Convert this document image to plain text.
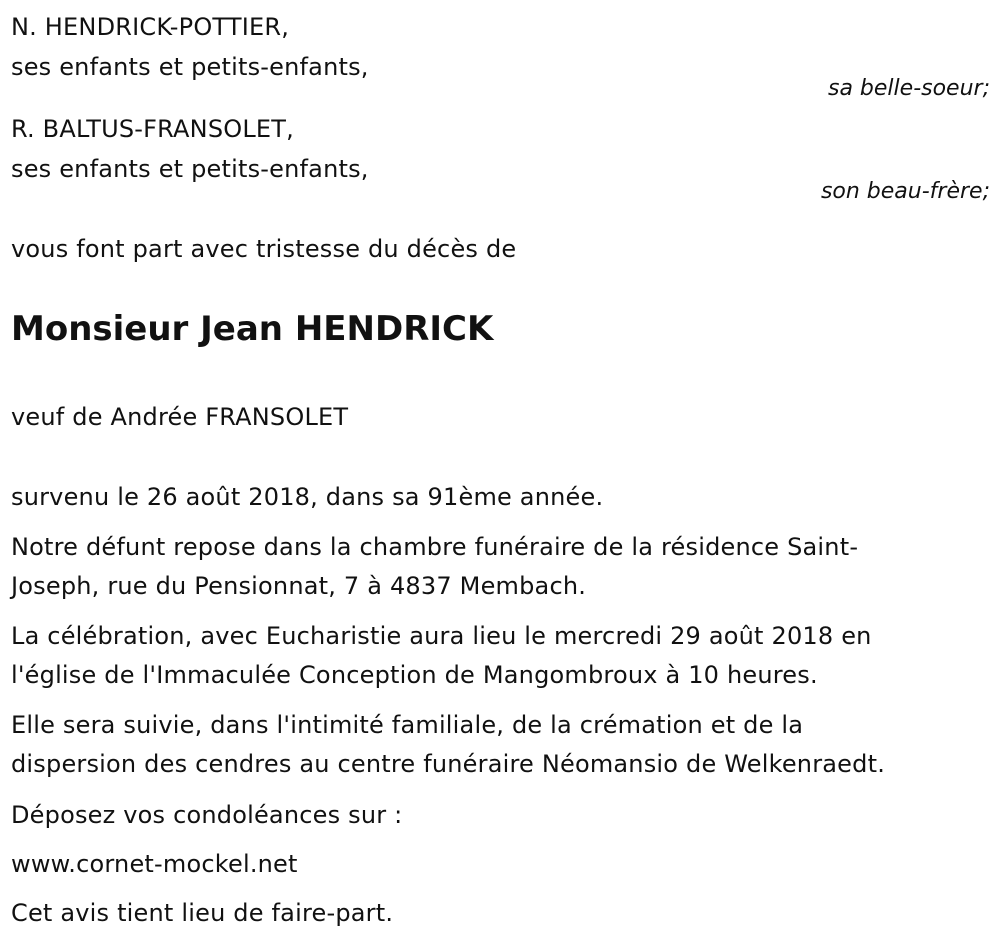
N. HENDRICK-POTTIER,
ses enfants et petits-enfants,
sa belle-soeur;
R. BALTUS-FRANSOLET,
ses enfants et petits-enfants,
son beau-frère;
vous font part avec tristesse du décès de
Monsieur Jean HENDRICK
veuf de Andrée FRANSOLET
survenu le 26 août 2018, dans sa 91ème année.
Notre défunt repose dans la chambre funéraire de la résidence Saint-
Joseph, rue du Pensionnat, 7 à 4837 Membach.
La célébration, avec Eucharistie aura lieu le mercredi 29 août 2018 en
l'église de l'Immaculée Conception de Mangombroux à 10 heures.
Elle sera suivie, dans l'intimité familiale, de la crémation et de la
dispersion des cendres au centre funéraire Néomansio de Welkenraedt.
Déposez vos condoléances sur :
www.cornet-mockel.net
Cet avis tient lieu de faire-part.
